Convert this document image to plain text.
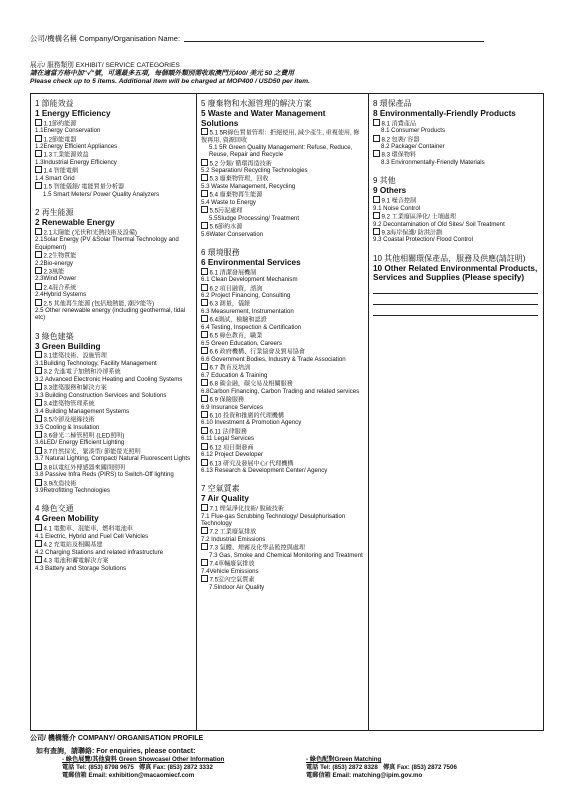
公司/機構名稱 Company/Organisation Name:
展示/ 服務類別 EXHIBIT/ SERVICE CATEGORIES
請在適當方格中加"✓"號，可選最多五項，每個額外類別需收取澳門元400/ 美元 50 之費用
Please check up to 5 items. Additional item will be charged at MOP400 / USD50 per item.
1 節能效益
1 Energy Efficiency
1.1節約能源
1.1Energy Conservation
1.2節能電器
1.2Energy Efficient Appliances
1.3工業能源效益
1.3Industrial Energy Efficiency
1.4 智能電網
1.4 Smart Grid
1.5 智能儀錶/ 電能質量分析器
1.5 Smart Meters/ Power Quality Analyzers
2 再生能源
2 Renewable Energy
2.1太陽能 (光伏和光熱技術及設備)
2.1Solar Energy (PV &Solar Thermal Technology and Equipment)
2.2生物質能
2.2Bio-energy
2.3風能
2.3Wind Power
2.4混合系統
2.4Hybrid Systems
2.5 其他再生能源 (包括地熱能, 潮汐能等)
2.5 Other renewable energy (including geothermal, tidal etc)
3 綠色建築
3 Green Building
3.1建築技術、設施管理
3.1Building Technology, Facility Management
3.2 先進電子加熱和冷卻系統
3.2 Advanced Electronic Heating and Cooling Systems
3.3建築服務和解決方案
3.3 Building Construction Services and Solutions
3.4建築物管理系統
3.4 Building Management Systems
3.5冷卻及絕緣技術
3.5 Cooling & Insulation
3.6發光二極管照明 (LED照明)
3.6LED/ Energy Efficient Lighting
3.7自然採光，緊湊型/ 節能螢光照明
3.7 Natural Lighting, Compact/ Natural Fluorescent Lights
3.8以電紅外傳感器來關閉照明
3.8 Passive Infra Reds (PIRS) to Switch-Off lighting
3.9改造技術
3.9Retrofitting Technologies
4 綠色交通
4 Green Mobility
4.1 電動車、混能車、燃料電池車
4.1 Electric, Hybrid and Fuel Cell Vehicles
4.2 充電站及相關基建
4.2 Charging Stations and related infrastructure
4.3 電池和蓄電解決方案
4.3 Battery and Storage Solutions
5 廢棄物和水源管理的解決方案
5 Waste and Water Management Solutions
5.1 5R綠色質量管理：拒絕使用, 減少產生, 重複使用, 修復再用, 資源回收
5.1 5R Green Quality Management: Refuse, Reduce, Reuse, Repair and Recycle
5.2 分類/ 循環再造技術
5.2 Separation/ Recycling Technologies
5.3 廢棄物管理，回收
5.3 Waste Management, Recycling
5.4 廢棄物再生能源
5.4 Waste to Energy
5.5污泥處理
5.5Sludge Processing/ Treatment
5.6節約水源
5.6Water Conservation
6 環境服務
6 Environmental Services
6.1 清潔發展機制
6.1 Clean Development Mechanism
6.2 項目融資，諮詢
6.2 Project Financing, Consulting
6.3 測量，儀錶
6.3 Measurement, Instrumentation
6.4測試，檢驗和認證
6.4 Testing, Inspection & Certification
6.5 綠色教育，職業
6.5 Green Education, Careers
6.6 政府機構、行業協會及貿易協會
6.6 Government Bodies, Industry & Trade Association
6.7 教育及培訓
6.7 Education & Training
6.8 碳金融，碳交易及相關服務
6.8Carbon Financing, Carbon Trading and related services
6.9 保險服務
6.9 Insurance Services
6.10 投資和推廣的代理機構
6.10 Investment & Promotion Agency
6.11 法律服務
6.11 Legal Services
6.12 項目開發商
6.12 Project Developer
6.13 研究及發展中心/ 代理機構
6.13 Research & Development Center/ Agency
7 空氣質素
7 Air Quality
7.1 煙氣淨化技術/ 脫硫技術
7.1 Flue-gas Scrubbing Technology/ Desulphurisation Technology
7.2 工業廢氣排放
7.2 Industrial Emissions
7.3 氣體、煙霧及化學品監控與處理
7.3 Gas, Smoke and Chemical Monitoring and Treatment
7.4車輛廢氣排放
7.4Vehicle Emissions
7.5室內空氣質素
7.5Indoor Air Quality
8 環保產品
8 Environmentally-Friendly Products
8.1 消費產品
8.1 Consumer Products
8.2 包裝/ 容器
8.2 Package/ Container
8.3 環保物料
8.3 Environmentally-Friendly Materials
9 其他
9 Others
9.1 噪音控制
9.1 Noise Control
9.2 工業廢區淨化/ 土壤處理
9.2 Decontamination of Old Sites/ Soil Treatment
9.3海岸保護/ 防洪計劃
9.3 Coastal Protection/ Flood Control
10 其他相關環保產品，服務及供應(請註明)
10 Other Related Environmental Products, Services and Supplies (Please specify)
公司/ 機構簡介 COMPANY/ ORGANISATION PROFILE
如有查詢，請聯絡: For enquiries, please contact:
- 綠色展覽/其他資料 Green Showcase/ Other Information
電話 Tel: (853) 8798 9675 傳真 Fax: (853) 2872 3332
電郵信箱 Email: exhibition@macaomiecf.com
- 綠色配對Green Matching
電話 Tel: (853) 2872 8328 傳真 Fax: (853) 2872 7506
電郵信箱 Email: matching@ipim.gov.mo
